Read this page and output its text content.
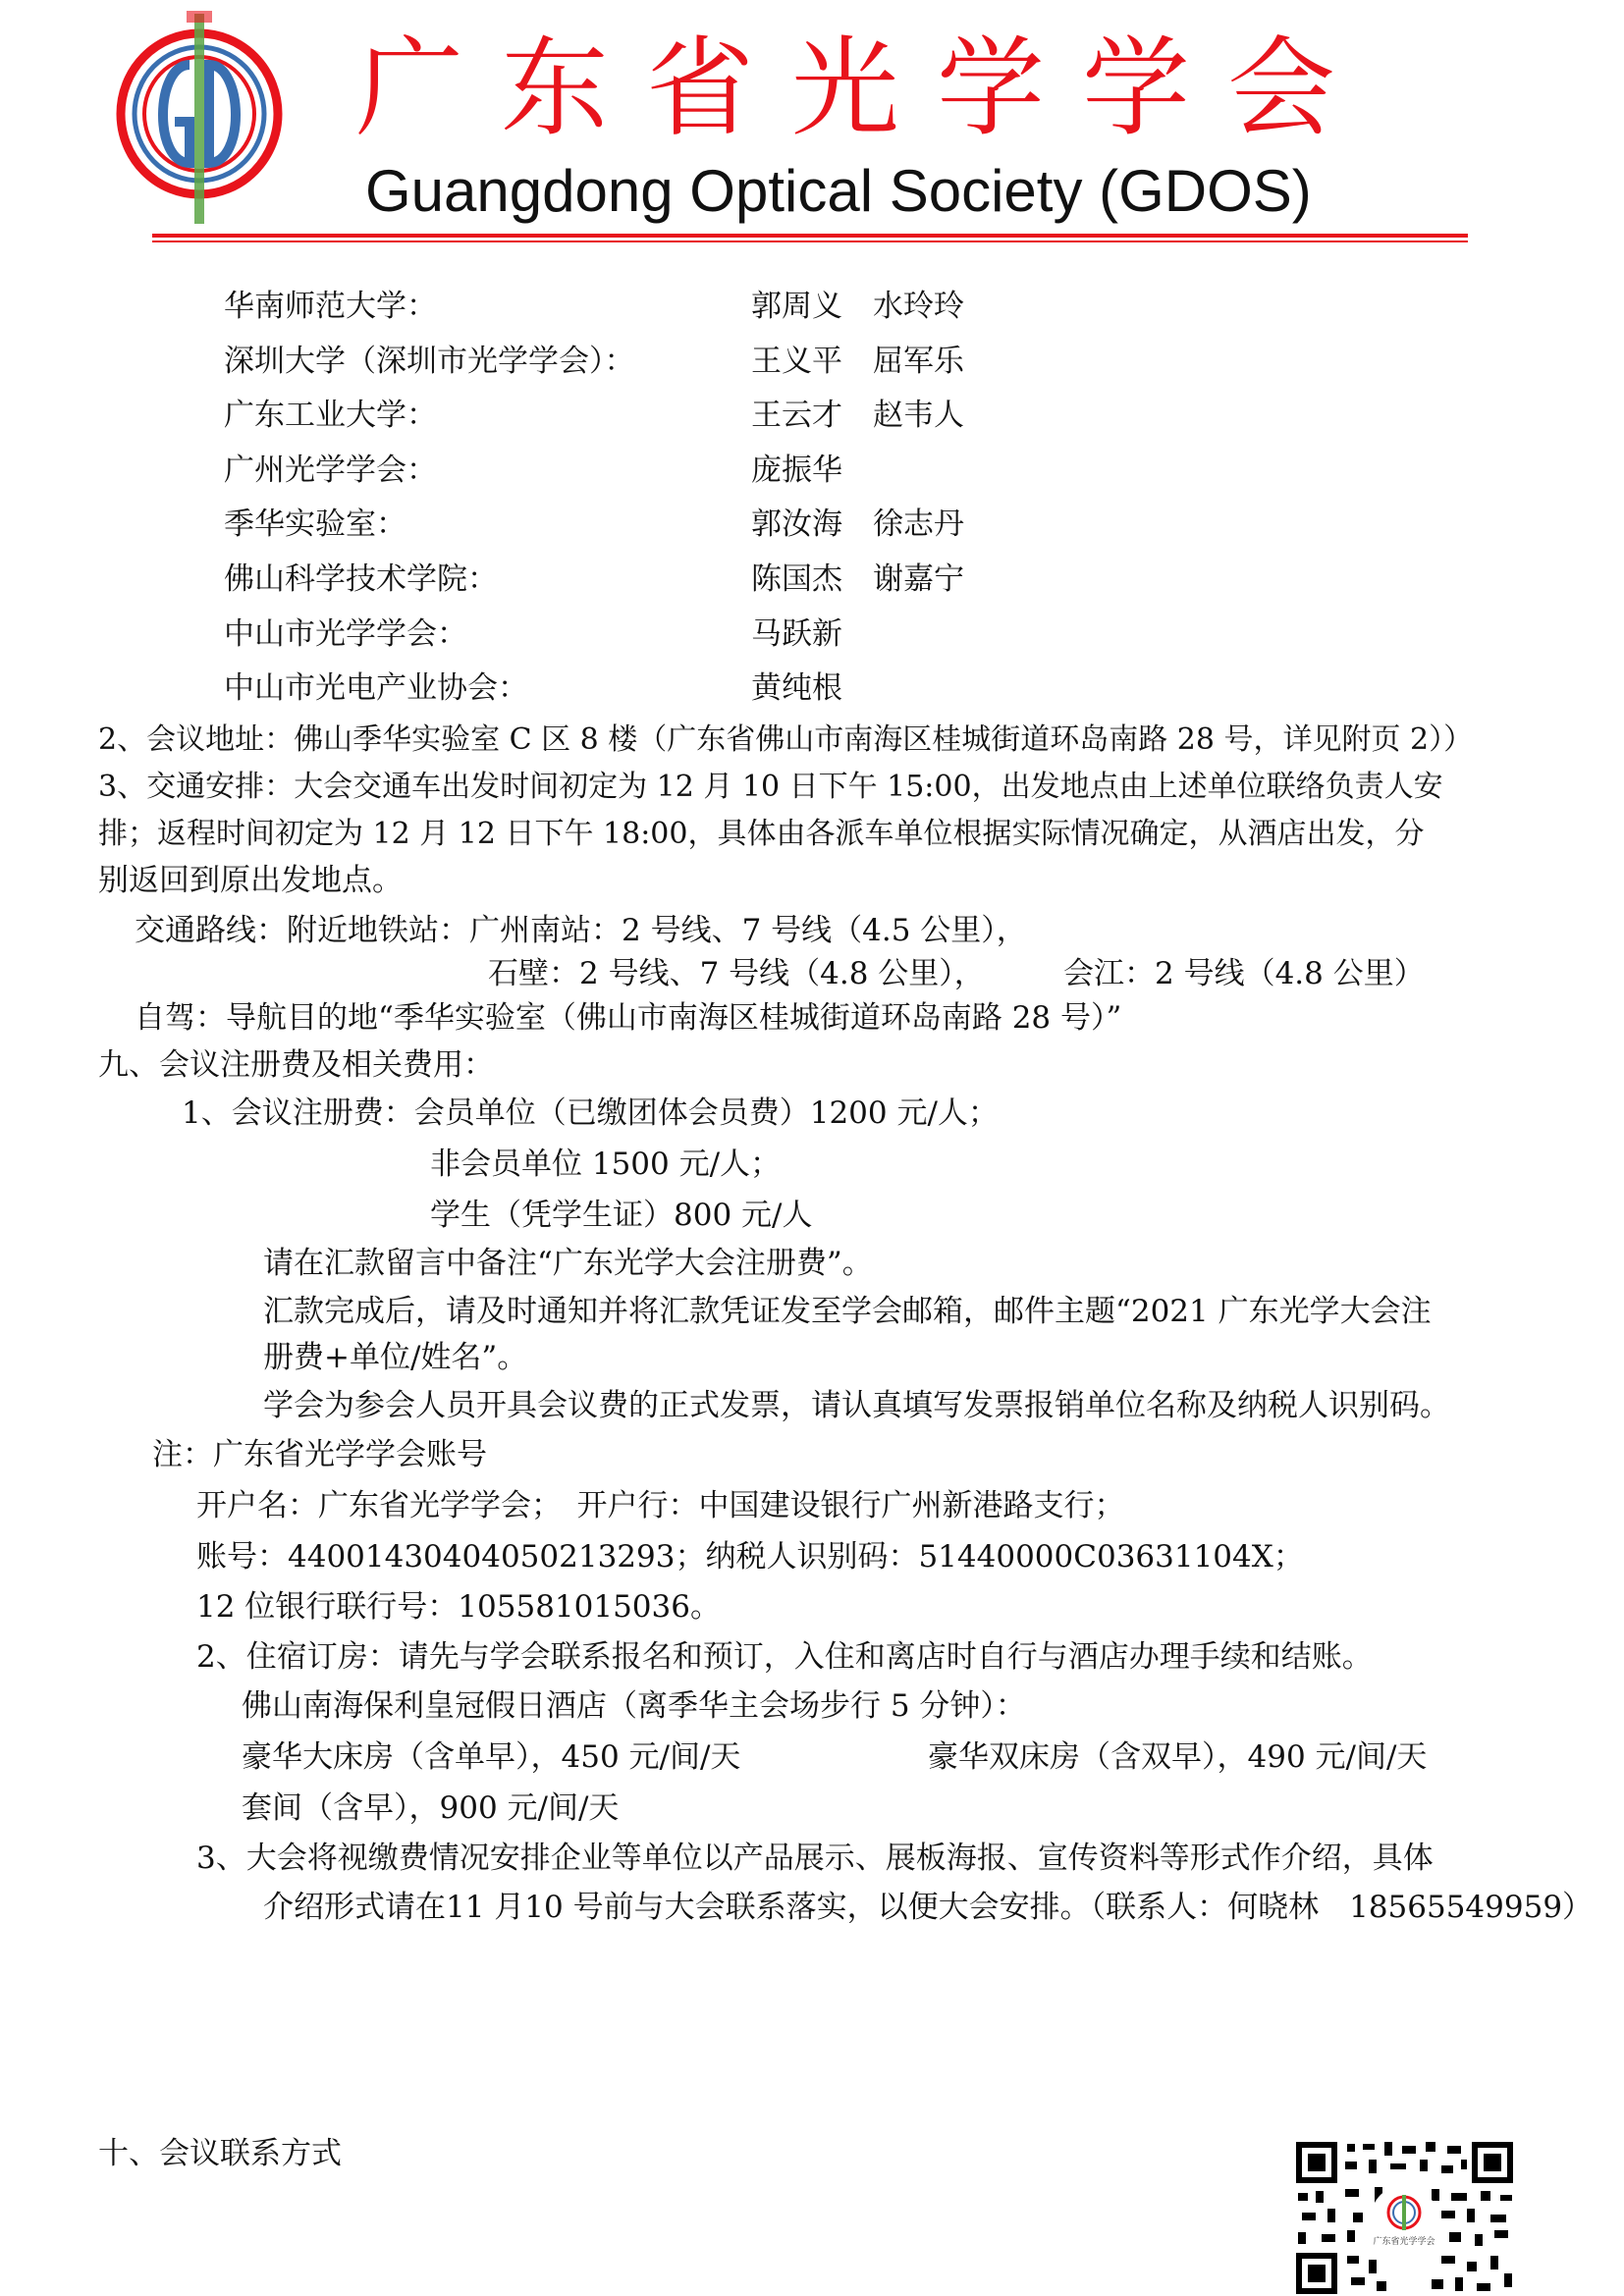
广东省光学学会
Guangdong Optical Society (GDOS)
华南师范大学：	郭周义　水玲玲
深圳大学（深圳市光学学会）：	王义平　屈军乐
广东工业大学：	王云才　赵韦人
广州光学学会：	庞振华
季华实验室：	郭汝海　徐志丹
佛山科学技术学院：	陈国杰　谢嘉宁
中山市光学学会：	马跃新
中山市光电产业协会：	黄纯根
2、会议地址：佛山季华实验室 C 区 8 楼（广东省佛山市南海区桂城街道环岛南路 28 号，详见附页 2））
3、交通安排：大会交通车出发时间初定为 12 月 10 日下午 15:00，出发地点由上述单位联络负责人安
排；返程时间初定为 12 月 12 日下午 18:00，具体由各派车单位根据实际情况确定，从酒店出发，分
别返回到原出发地点。
交通路线：附近地铁站：广州南站：2 号线、7 号线（4.5 公里），
石壁：2 号线、7 号线（4.8 公里），	会江：2 号线（4.8 公里）
自驾：导航目的地“季华实验室（佛山市南海区桂城街道环岛南路 28 号）”
九、会议注册费及相关费用：
1、会议注册费：会员单位（已缴团体会员费）1200 元/人；
非会员单位 1500 元/人；
学生（凭学生证）800 元/人
请在汇款留言中备注“广东光学大会注册费”。
汇款完成后，请及时通知并将汇款凭证发至学会邮箱，邮件主题“2021 广东光学大会注
册费+单位/姓名”。
学会为参会人员开具会议费的正式发票，请认真填写发票报销单位名称及纳税人识别码。
注：广东省光学学会账号
开户名：广东省光学学会；　开户行：中国建设银行广州新港路支行；
账号：44001430404050213293；纳税人识别码：51440000C03631104X；
12 位银行联行号：105581015036。
2、住宿订房：请先与学会联系报名和预订，入住和离店时自行与酒店办理手续和结账。
佛山南海保利皇冠假日酒店（离季华主会场步行 5 分钟）：
豪华大床房（含单早），450 元/间/天	豪华双床房（含双早），490 元/间/天
套间（含早），900 元/间/天
3、大会将视缴费情况安排企业等单位以产品展示、展板海报、宣传资料等形式作介绍，具体
介绍形式请在11 月10 号前与大会联系落实，以便大会安排。（联系人：何晓林　18565549959）
十、会议联系方式
广东省光学学会
